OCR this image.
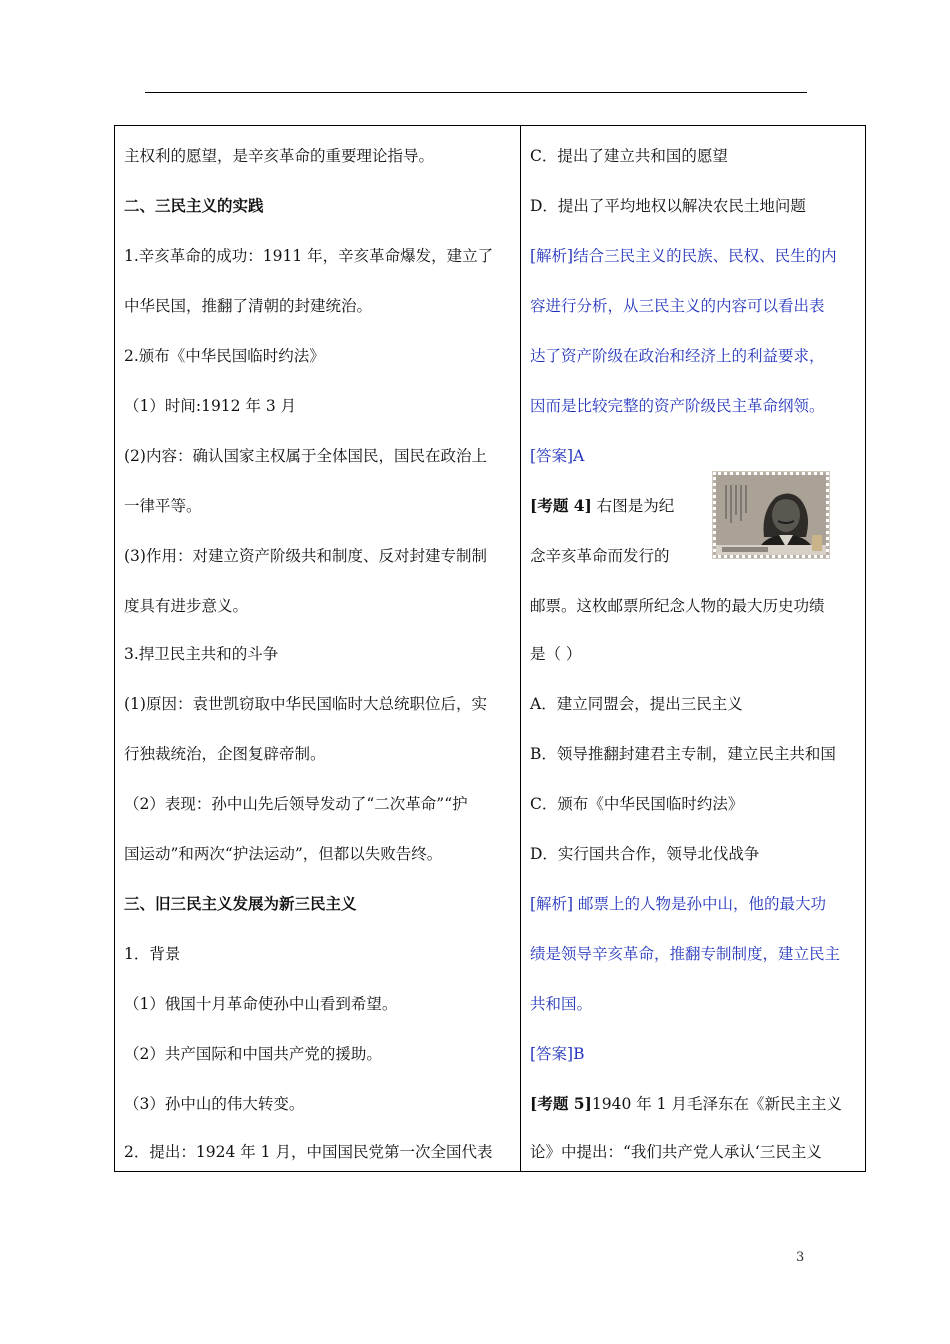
主权利的愿望，是辛亥革命的重要理论指导。
二、三民主义的实践
1.辛亥革命的成功：1911 年，辛亥革命爆发，建立了
中华民国，推翻了清朝的封建统治。
2.颁布《中华民国临时约法》
（1）时间:1912 年 3 月
(2)内容：确认国家主权属于全体国民，国民在政治上
一律平等。
(3)作用：对建立资产阶级共和制度、反对封建专制制
度具有进步意义。
3.捍卫民主共和的斗争
(1)原因：袁世凯窃取中华民国临时大总统职位后，实
行独裁统治，企图复辟帝制。
（2）表现：孙中山先后领导发动了“二次革命”“护
国运动”和两次“护法运动”，但都以失败告终。
三、旧三民主义发展为新三民主义
1．背景
（1）俄国十月革命使孙中山看到希望。
（2）共产国际和中国共产党的援助。
（3）孙中山的伟大转变。
2．提出：1924 年 1 月，中国国民党第一次全国代表
C．提出了建立共和国的愿望
D．提出了平均地权以解决农民土地问题
[解析]结合三民主义的民族、民权、民生的内
容进行分析，从三民主义的内容可以看出表
达了资产阶级在政治和经济上的利益要求，
因而是比较完整的资产阶级民主革命纲领。
[答案]A
[考题 4] 右图是为纪
念辛亥革命而发行的
邮票。这枚邮票所纪念人物的最大历史功绩
是（ ）
A．建立同盟会，提出三民主义
B．领导推翻封建君主专制，建立民主共和国
C．颁布《中华民国临时约法》
D．实行国共合作，领导北伐战争
[解析] 邮票上的人物是孙中山，他的最大功
绩是领导辛亥革命，推翻专制制度，建立民主
共和国。
[答案]B
[考题 5]1940 年 1 月毛泽东在《新民主主义
论》中提出：“我们共产党人承认‘三民主义
3
